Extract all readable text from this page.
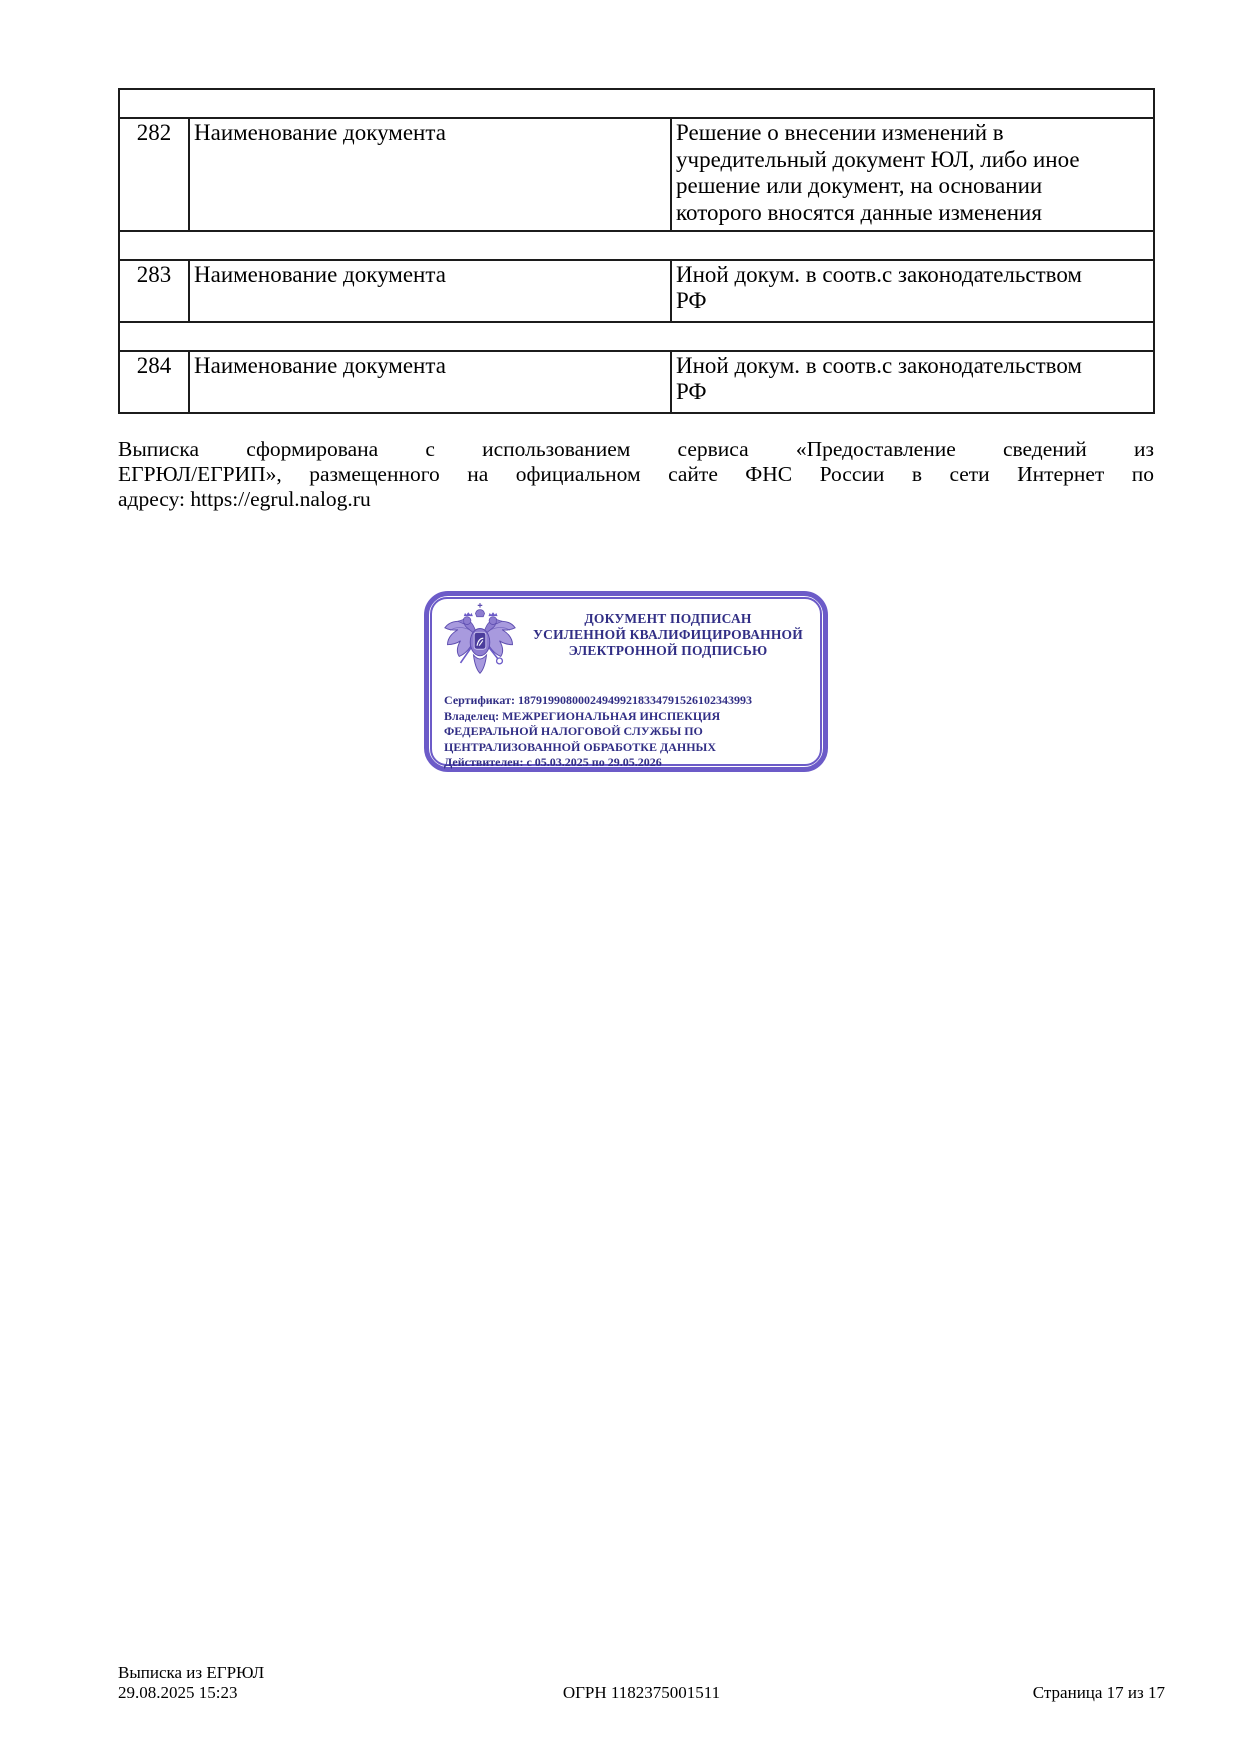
282	Наименование документа	Решение о внесении изменений в учредительный документ ЮЛ, либо иное решение или документ, на основании которого вносятся данные изменения

283	Наименование документа	Иной докум. в соотв.с законодательством РФ

284	Наименование документа	Иной докум. в соотв.с законодательством РФ
Выписка сформирована с использованием сервиса «Предоставление сведений из
ЕГРЮЛ/ЕГРИП», размещенного на официальном сайте ФНС России в сети Интернет по
адресу: https://egrul.nalog.ru
ДОКУМЕНТ ПОДПИСАН
УСИЛЕННОЙ КВАЛИФИЦИРОВАННОЙ
ЭЛЕКТРОННОЙ ПОДПИСЬЮ
Сертификат: 187919908000249499218334791526102343993
Владелец: МЕЖРЕГИОНАЛЬНАЯ ИНСПЕКЦИЯ ФЕДЕРАЛЬНОЙ НАЛОГОВОЙ СЛУЖБЫ ПО ЦЕНТРАЛИЗОВАННОЙ ОБРАБОТКЕ ДАННЫХ
Действителен: с 05.03.2025 по 29.05.2026
Выписка из ЕГРЮЛ
29.08.2025 15:23	ОГРН 1182375001511	Страница 17 из 17
